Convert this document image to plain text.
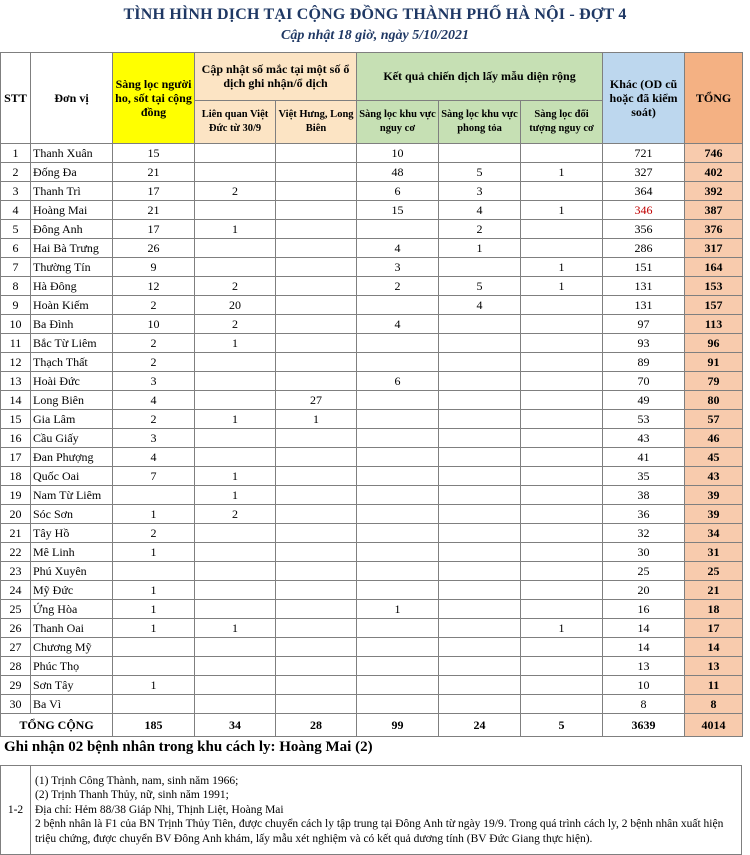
TÌNH HÌNH DỊCH TẠI CỘNG ĐỒNG THÀNH PHỐ HÀ NỘI - ĐỢT 4
Cập nhật 18 giờ, ngày 5/10/2021
STT	Đơn vị	Sàng lọc người ho, sốt tại cộng đồng	Cập nhật số mắc tại một số ổ dịch ghi nhận/ổ dịch		Kết quả chiến dịch lấy mẫu diện rộng			Khác (OD cũ hoặc đã kiểm soát)	TỔNG
			Liên quan Việt Đức từ 30/9	Việt Hưng, Long Biên	Sàng lọc khu vực nguy cơ	Sàng lọc khu vực phong tỏa	Sàng lọc đối tượng nguy cơ		
1	Thanh Xuân	15			10			721	746
2	Đống Đa	21			48	5	1	327	402
3	Thanh Trì	17	2		6	3		364	392
4	Hoàng Mai	21			15	4	1	346	387
5	Đông Anh	17	1			2		356	376
6	Hai Bà Trưng	26			4	1		286	317
7	Thường Tín	9			3		1	151	164
8	Hà Đông	12	2		2	5	1	131	153
9	Hoàn Kiếm	2	20			4		131	157
10	Ba Đình	10	2		4			97	113
11	Bắc Từ Liêm	2	1					93	96
12	Thạch Thất	2						89	91
13	Hoài Đức	3			6			70	79
14	Long Biên	4		27				49	80
15	Gia Lâm	2	1	1				53	57
16	Cầu Giấy	3						43	46
17	Đan Phượng	4						41	45
18	Quốc Oai	7	1					35	43
19	Nam Từ Liêm		1					38	39
20	Sóc Sơn	1	2					36	39
21	Tây Hồ	2						32	34
22	Mê Linh	1						30	31
23	Phú Xuyên							25	25
24	Mỹ Đức	1						20	21
25	Ứng Hòa	1			1			16	18
26	Thanh Oai	1	1				1	14	17
27	Chương Mỹ							14	14
28	Phúc Thọ							13	13
29	Sơn Tây	1						10	11
30	Ba Vì							8	8
TỔNG CỘNG		185	34	28	99	24	5	3639	4014
Ghi nhận 02 bệnh nhân trong khu cách ly: Hoàng Mai (2)
1-2	
(1) Trịnh Công Thành, nam, sinh năm 1966;
(2) Trịnh Thanh Thủy, nữ, sinh năm 1991;
Địa chỉ: Hẻm 88/38 Giáp Nhị, Thịnh Liệt, Hoàng Mai
2 bệnh nhân là F1 của BN Trịnh Thủy Tiên, được chuyển cách ly tập trung tại Đông Anh từ ngày 19/9. Trong quá trình cách ly, 2 bệnh nhân xuất hiện triệu chứng, được chuyển BV Đông Anh khám, lấy mẫu xét nghiệm và có kết quả dương tính (BV Đức Giang thực hiện).
